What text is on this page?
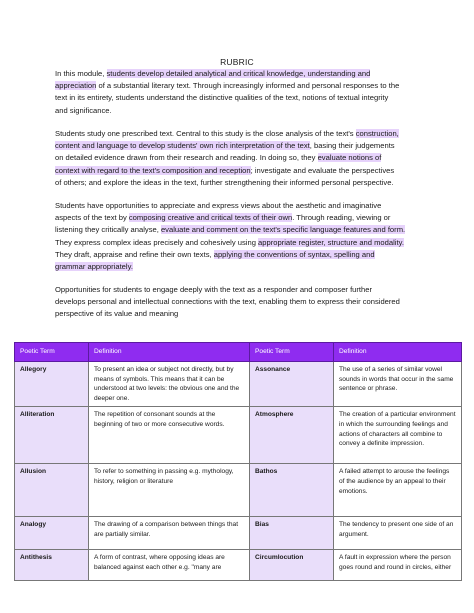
RUBRIC
In this module, students develop detailed analytical and critical knowledge, understanding and
appreciation of a substantial literary text. Through increasingly informed and personal responses to the
text in its entirety, students understand the distinctive qualities of the text, notions of textual integrity
and significance.
Students study one prescribed text. Central to this study is the close analysis of the text's construction,
content and language to develop students' own rich interpretation of the text, basing their judgements
on detailed evidence drawn from their research and reading. In doing so, they evaluate notions of
context with regard to the text's composition and reception; investigate and evaluate the perspectives
of others; and explore the ideas in the text, further strengthening their informed personal perspective.
Students have opportunities to appreciate and express views about the aesthetic and imaginative
aspects of the text by composing creative and critical texts of their own. Through reading, viewing or
listening they critically analyse, evaluate and comment on the text's specific language features and form.
They express complex ideas precisely and cohesively using appropriate register, structure and modality.
They draft, appraise and refine their own texts, applying the conventions of syntax, spelling and
grammar appropriately.
Opportunities for students to engage deeply with the text as a responder and composer further
develops personal and intellectual connections with the text, enabling them to express their considered
perspective of its value and meaning
Poetic Term	Definition	Poetic Term	Definition
Allegory	To present an idea or subject not directly, but by means of symbols. This means that it can be understood at two levels: the obvious one and the deeper one.	Assonance	The use of a series of similar vowel sounds in words that occur in the same sentence or phrase.
Alliteration	The repetition of consonant sounds at the beginning of two or more consecutive words.	Atmosphere	The creation of a particular environment in which the surrounding feelings and actions of characters all combine to convey a definite impression.
Allusion	To refer to something in passing e.g. mythology, history, religion or literature	Bathos	A failed attempt to arouse the feelings of the audience by an appeal to their emotions.
Analogy	The drawing of a comparison between things that are partially similar.	Bias	The tendency to present one side of an argument.
Antithesis	A form of contrast, where opposing ideas are balanced against each other e.g. "many are	Circumlocution	A fault in expression where the person goes round and round in circles, either
